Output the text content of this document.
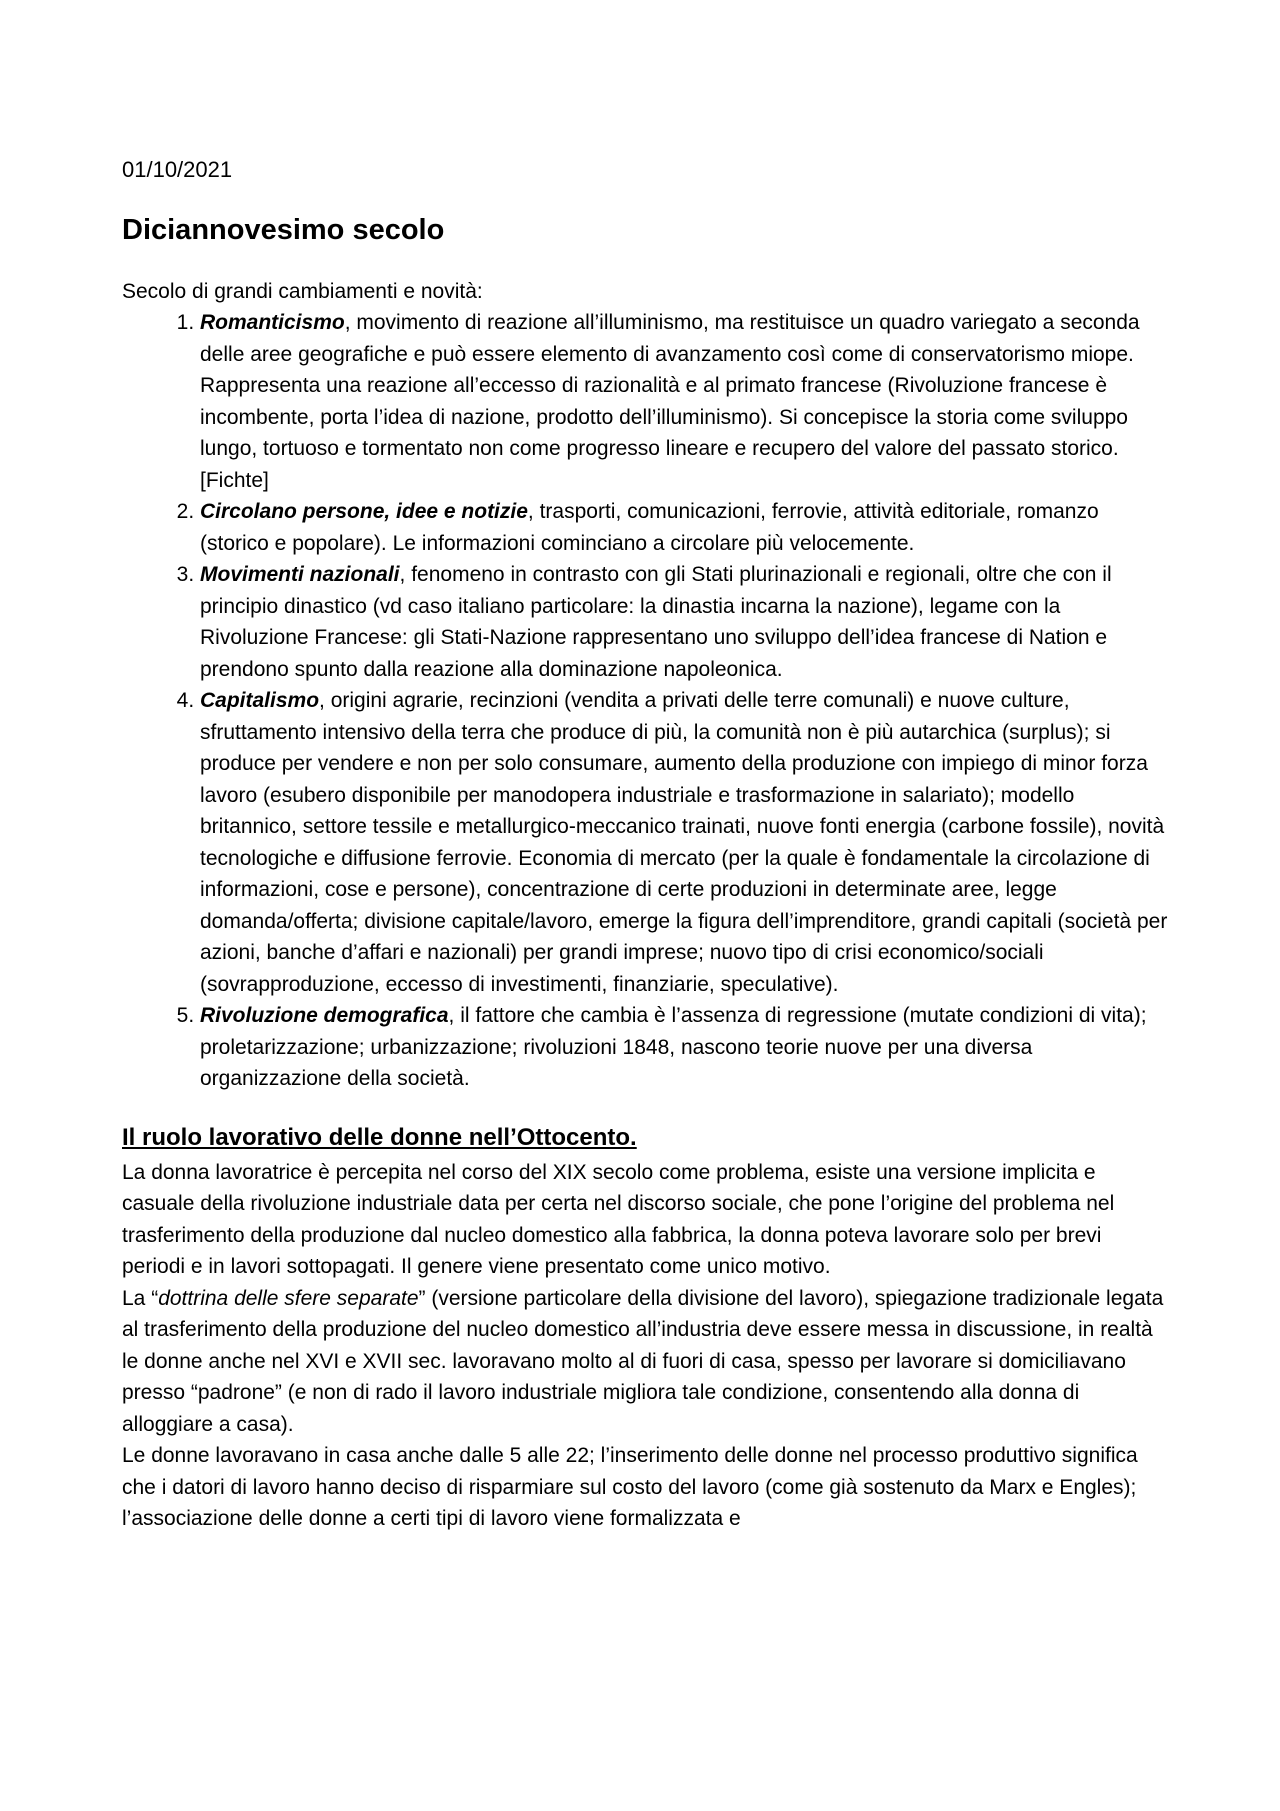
01/10/2021
Diciannovesimo secolo

Secolo di grandi cambiamenti e novità:

1. Romanticismo, movimento di reazione all’illuminismo, ma restituisce un quadro variegato a seconda delle aree geografiche e può essere elemento di avanzamento così come di conservatorismo miope. Rappresenta una reazione all’eccesso di razionalità e al primato francese (Rivoluzione francese è incombente, porta l’idea di nazione, prodotto dell’illuminismo). Si concepisce la storia come sviluppo lungo, tortuoso e tormentato non come progresso lineare e recupero del valore del passato storico. [Fichte]
2. Circolano persone, idee e notizie, trasporti, comunicazioni, ferrovie, attività editoriale, romanzo (storico e popolare). Le informazioni cominciano a circolare più velocemente.
3. Movimenti nazionali, fenomeno in contrasto con gli Stati plurinazionali e regionali, oltre che con il principio dinastico (vd caso italiano particolare: la dinastia incarna la nazione), legame con la Rivoluzione Francese: gli Stati-Nazione rappresentano uno sviluppo dell’idea francese di Nation e prendono spunto dalla reazione alla dominazione napoleonica.
4. Capitalismo, origini agrarie, recinzioni (vendita a privati delle terre comunali) e nuove culture, sfruttamento intensivo della terra che produce di più, la comunità non è più autarchica (surplus); si produce per vendere e non per solo consumare, aumento della produzione con impiego di minor forza lavoro (esubero disponibile per manodopera industriale e trasformazione in salariato); modello britannico, settore tessile e metallurgico-meccanico trainati, nuove fonti energia (carbone fossile), novità tecnologiche e diffusione ferrovie. Economia di mercato (per la quale è fondamentale la circolazione di informazioni, cose e persone), concentrazione di certe produzioni in determinate aree, legge domanda/offerta; divisione capitale/lavoro, emerge la figura dell’imprenditore, grandi capitali (società per azioni, banche d’affari e nazionali) per grandi imprese; nuovo tipo di crisi economico/sociali (sovrapproduzione, eccesso di investimenti, finanziarie, speculative).
5. Rivoluzione demografica, il fattore che cambia è l’assenza di regressione (mutate condizioni di vita); proletarizzazione; urbanizzazione; rivoluzioni 1848, nascono teorie nuove per una diversa organizzazione della società.
Il ruolo lavorativo delle donne nell’Ottocento.

La donna lavoratrice è percepita nel corso del XIX secolo come problema, esiste una versione implicita e casuale della rivoluzione industriale data per certa nel discorso sociale, che pone l’origine del problema nel trasferimento della produzione dal nucleo domestico alla fabbrica, la donna poteva lavorare solo per brevi periodi e in lavori sottopagati. Il genere viene presentato come unico motivo.

La “dottrina delle sfere separate” (versione particolare della divisione del lavoro), spiegazione tradizionale legata al trasferimento della produzione del nucleo domestico all’industria deve essere messa in discussione, in realtà le donne anche nel XVI e XVII sec. lavoravano molto al di fuori di casa, spesso per lavorare si domiciliavano presso “padrone” (e non di rado il lavoro industriale migliora tale condizione, consentendo alla donna di alloggiare a casa).

Le donne lavoravano in casa anche dalle 5 alle 22; l’inserimento delle donne nel processo produttivo significa che i datori di lavoro hanno deciso di risparmiare sul costo del lavoro (come già sostenuto da Marx e Engles); l’associazione delle donne a certi tipi di lavoro viene formalizzata e
